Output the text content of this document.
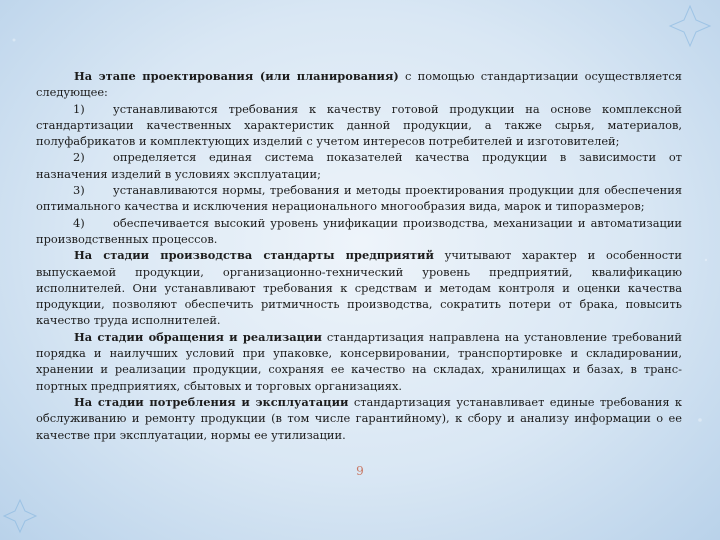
На этапе проектирования (или планирования) с помощью стандартизации осуществляется следующее:

1) устанавливаются требования к качеству готовой продукции на основе комплексной стандартизации качественных характеристик данной продукции, а также сырья, материалов, полуфабрикатов и комплектующих изделий с учетом интересов потребителей и изготовителей;

2) определяется единая система показателей качества продукции в зависимости от назначения изделий в условиях эксплуатации;

3) устанавливаются нормы, требования и методы проектирования продукции для обеспечения оптимального качества и исключения нерационального многообразия вида, марок и типоразмеров;

4) обеспечивается высокий уровень унификации производства, механизации и автоматизации производственных процессов.

На стадии производства стандарты предприятий учитывают характер и особенности выпускаемой продукции, организационно-технический уровень предприятий, квалификацию исполнителей. Они устанавливают требования к средствам и методам контроля и оценки качества продукции, позволяют обеспечить ритмичность производства, сократить потери от брака, повысить качество труда исполнителей.

На стадии обращения и реализации стандартизация направлена на установление требований порядка и наилучших условий при упаковке, консервировании, транспортировке и складировании, хранении и реализации продукции, сохраняя ее качество на складах, хранилищах и базах, в транс-портных предприятиях, сбытовых и торговых организациях.

На стадии потребления и эксплуатации стандартизация устанавливает единые требования к обслуживанию и ремонту продукции (в том числе гарантийному), к сбору и анализу информации о ее качестве при эксплуатации, нормы ее утилизации.

9
